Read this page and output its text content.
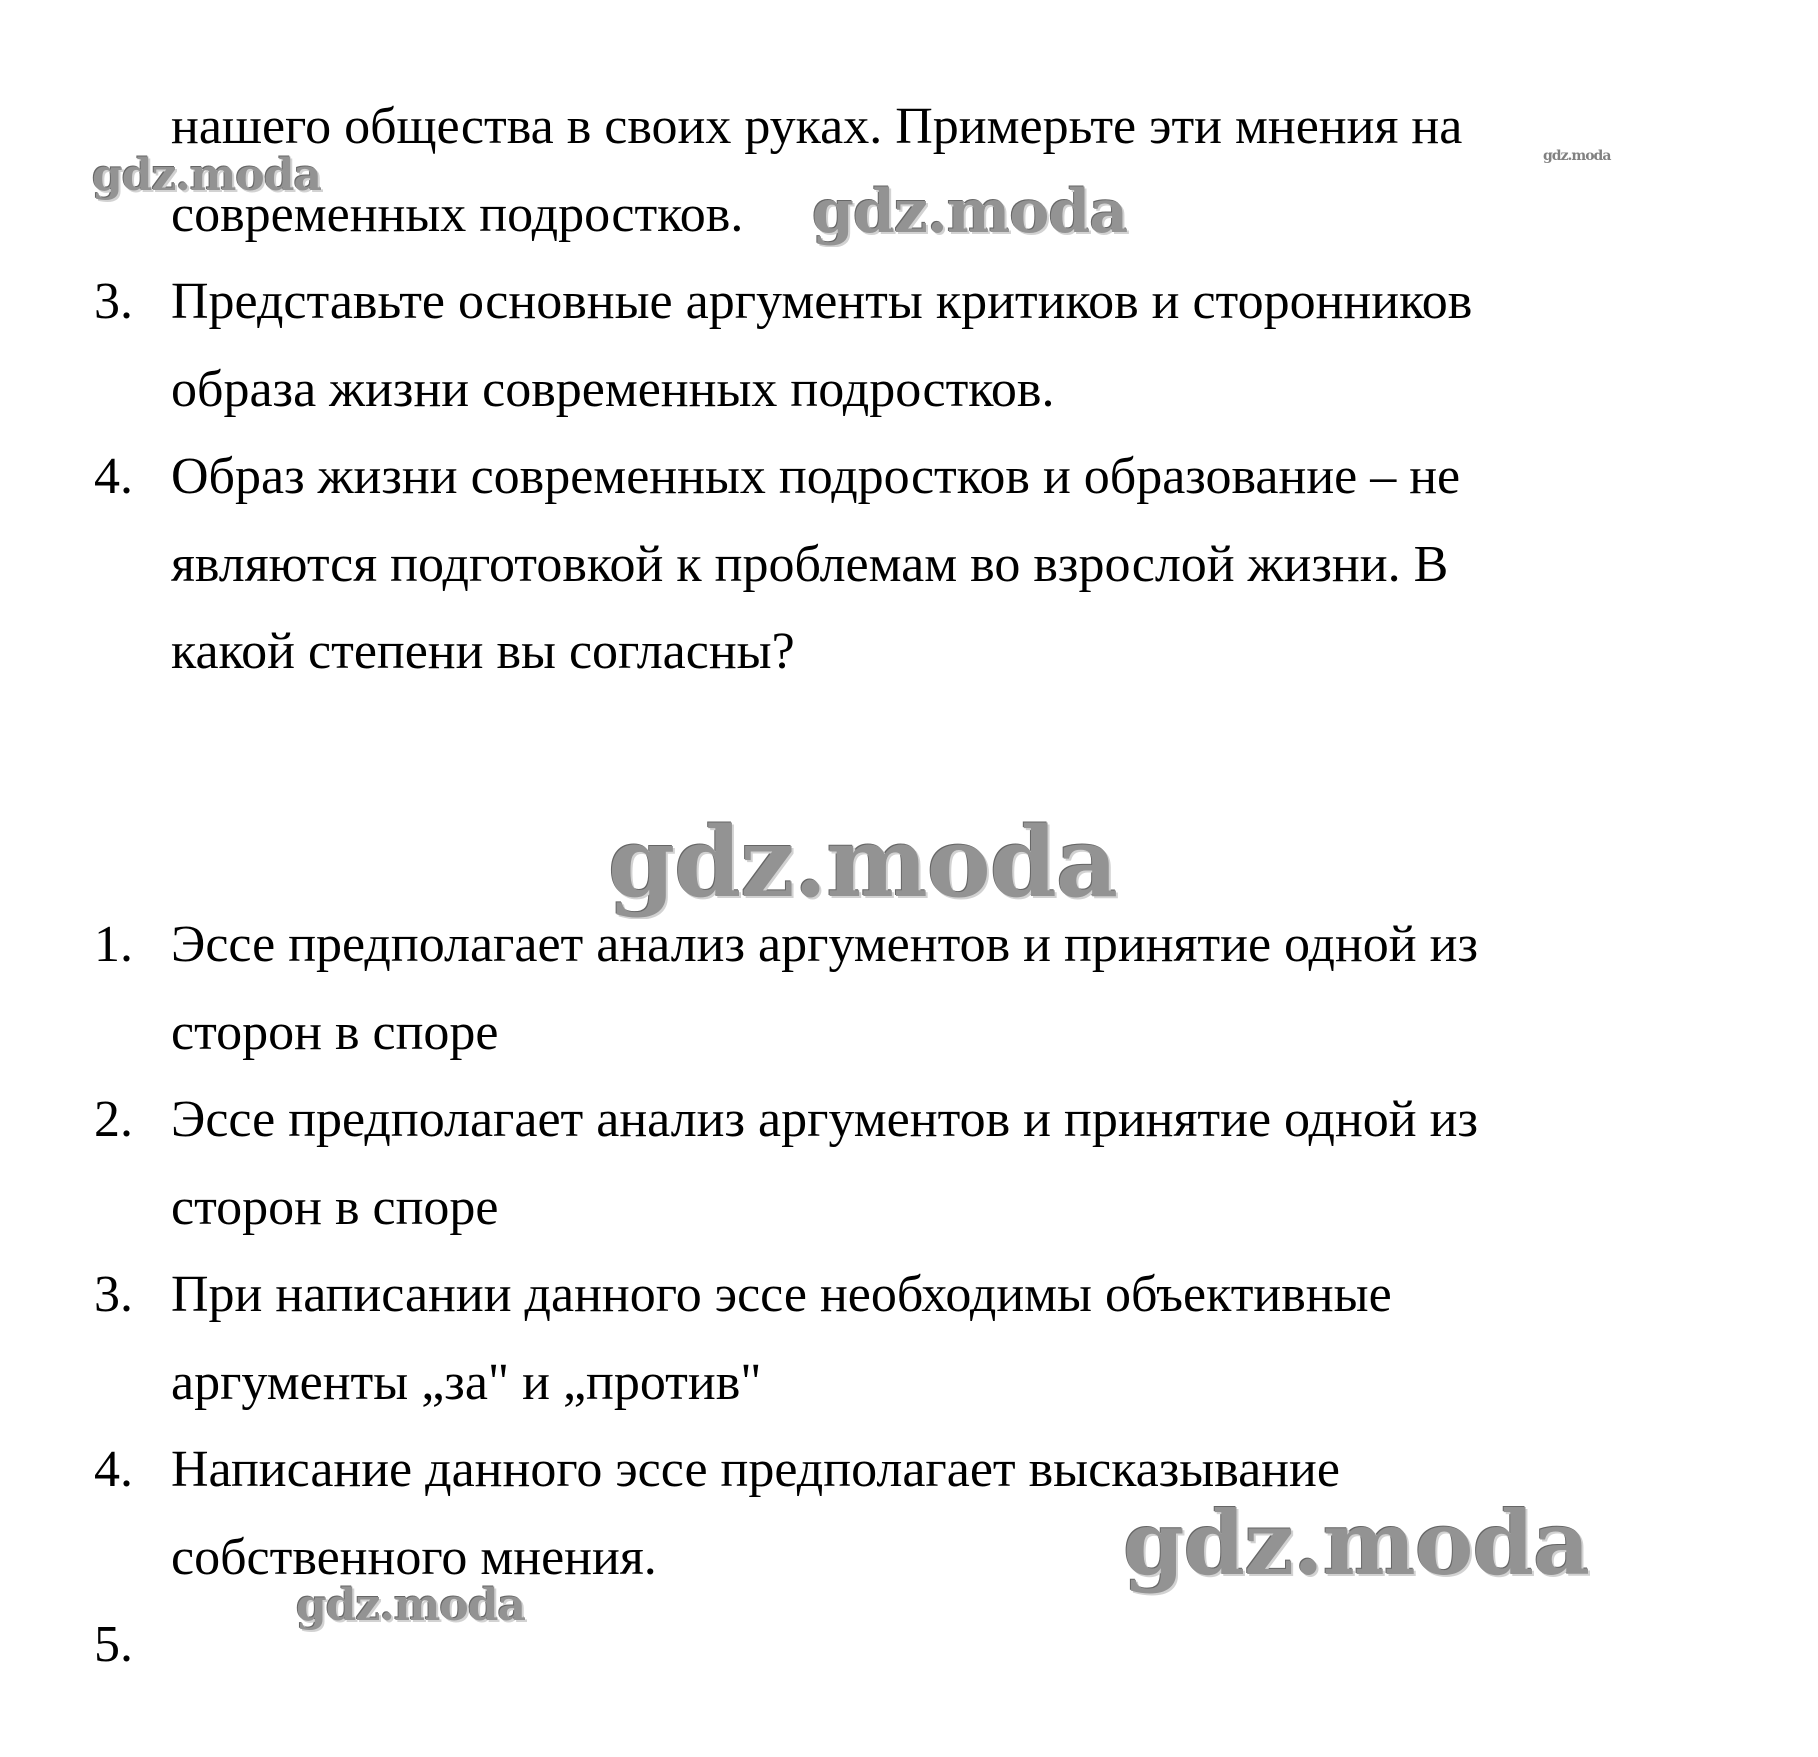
нашего общества в своих руках. Примерьте эти мнения на
современных подростков.
3. Представьте основные аргументы критиков и сторонников
образа жизни современных подростков.
4. Образ жизни современных подростков и образование – не
являются подготовкой к проблемам во взрослой жизни. В
какой степени вы согласны?
1. Эссе предполагает анализ аргументов и принятие одной из
сторон в споре
2. Эссе предполагает анализ аргументов и принятие одной из
сторон в споре
3. При написании данного эссе необходимы объективные
аргументы „за" и „против"
4. Написание данного эссе предполагает высказывание
собственного мнения.
5.
gdz.moda	gdz.moda
gdz.moda
gdz.moda
gdz.moda
gdz.moda
